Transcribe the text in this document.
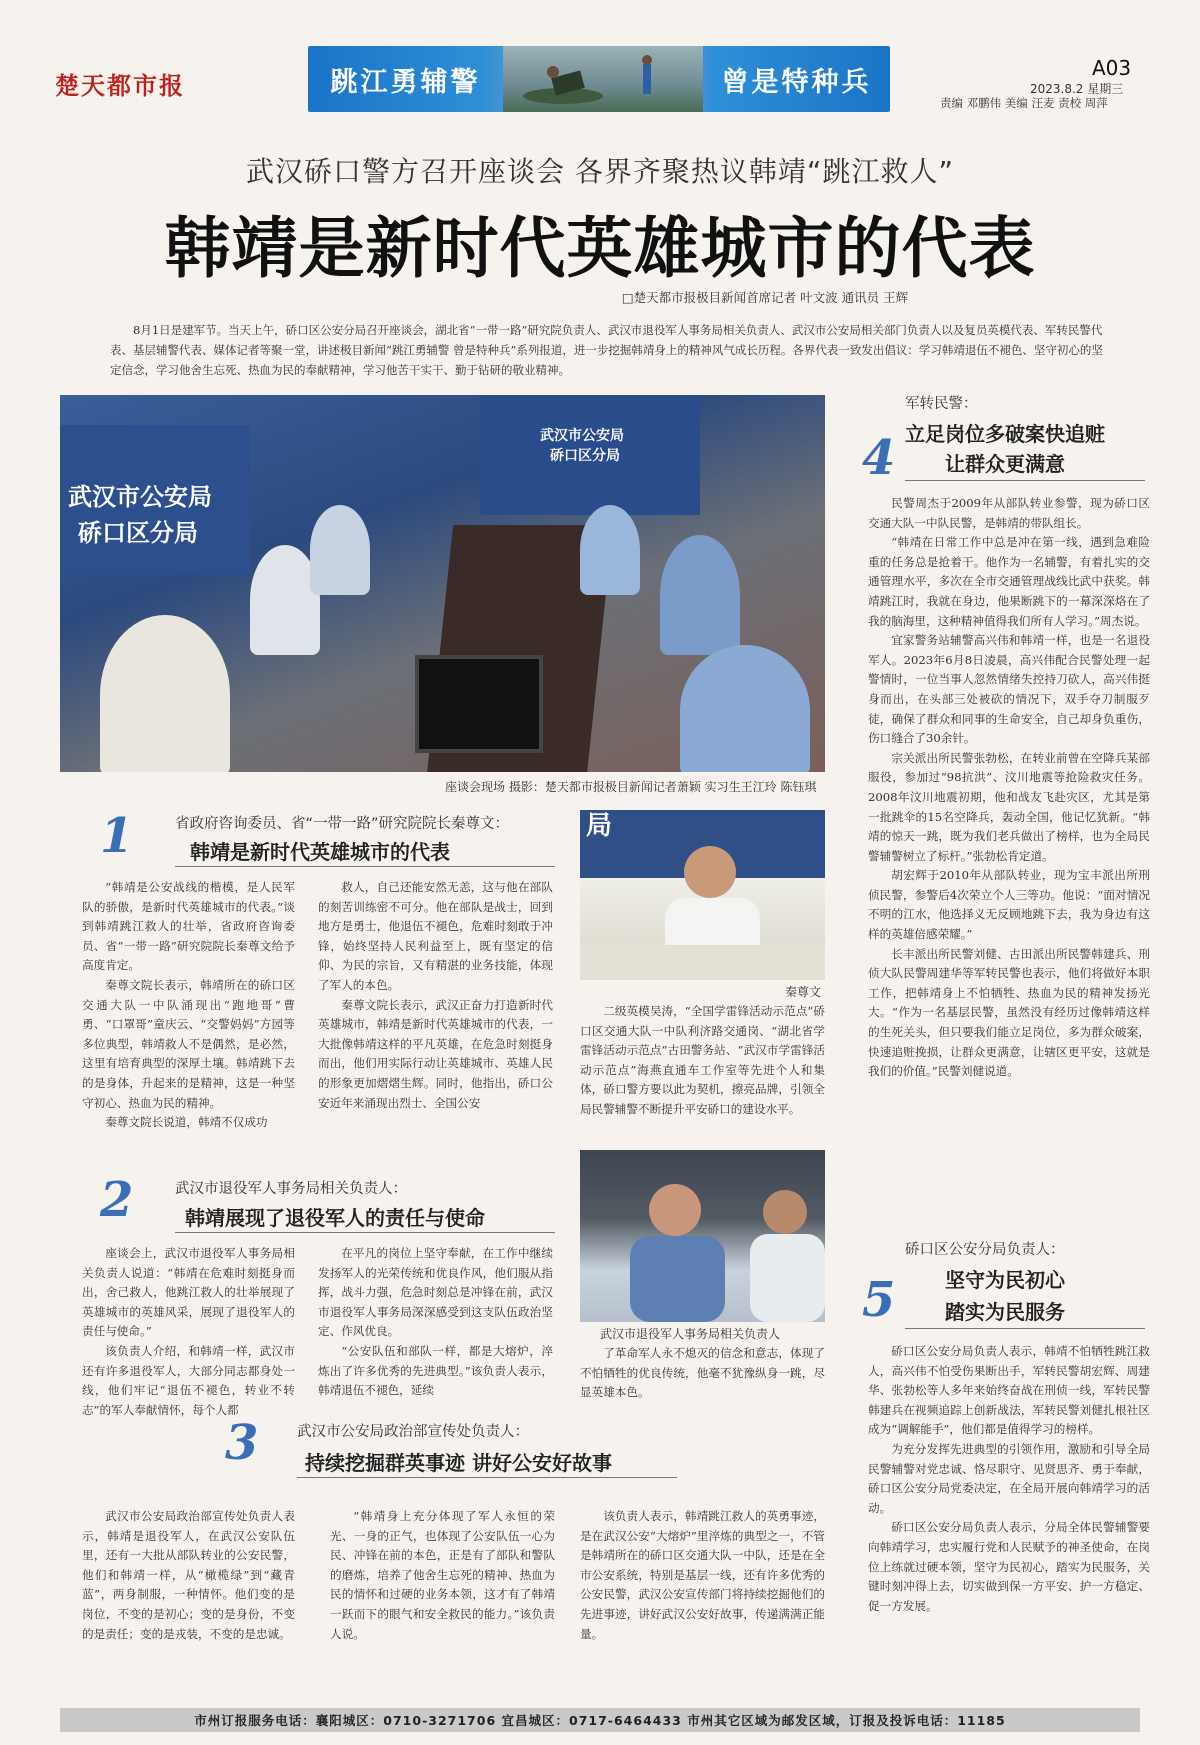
楚天都市报	跳江勇辅警	曾是特种兵	A03
2023.8.2 星期三
责编 邓鹏伟 美编 汪麦 责校 周萍
武汉硚口警方召开座谈会 各界齐聚热议韩靖“跳江救人”
韩靖是新时代英雄城市的代表
□楚天都市报极目新闻首席记者 叶文波 通讯员 王辉
8月1日是建军节。当天上午，硚口区公安分局召开座谈会，湖北省“一带一路”研究院负责人、武汉市退役军人事务局相关负责人、武汉市公安局相关部门负责人以及复员英模代表、军转民警代表、基层辅警代表、媒体记者等聚一堂，讲述极目新闻“跳江勇辅警 曾是特种兵”系列报道，进一步挖掘韩靖身上的精神风气成长历程。各界代表一致发出倡议：学习韩靖退伍不褪色、坚守初心的坚定信念，学习他舍生忘死、热血为民的奉献精神，学习他苦干实干、勤于钻研的敬业精神。
武汉市公安局
硚口区分局
武汉市公安局
硚口区分局
座谈会现场 摄影：楚天都市报极目新闻记者萧颖 实习生王江玲 陈钰琪
1	省政府咨询委员、省“一带一路”研究院院长秦尊文：
韩靖是新时代英雄城市的代表

“韩靖是公安战线的楷模，是人民军队的骄傲，是新时代英雄城市的代表。”谈到韩靖跳江救人的壮举，省政府咨询委员、省“一带一路”研究院院长秦尊文给予高度肯定。

秦尊文院长表示，韩靖所在的硚口区交通大队一中队涌现出“跑地哥”曹勇、“口罩哥”童庆云、“交警妈妈”方园等多位典型，韩靖救人不是偶然，是必然，这里有培育典型的深厚土壤。韩靖跳下去的是身体，升起来的是精神，这是一种坚守初心、热血为民的精神。

秦尊文院长说道，韩靖不仅成功

救人，自己还能安然无恙，这与他在部队的刻苦训练密不可分。他在部队是战士，回到地方是勇士，他退伍不褪色，危难时刻敢于冲锋，始终坚持人民利益至上，既有坚定的信仰、为民的宗旨，又有精湛的业务技能，体现了军人的本色。

秦尊文院长表示，武汉正奋力打造新时代英雄城市，韩靖是新时代英雄城市的代表，一大批像韩靖这样的平凡英雄，在危急时刻挺身而出，他们用实际行动让英雄城市、英雄人民的形象更加熠熠生辉。同时，他指出，硚口公安近年来涌现出烈士、全国公安

局
秦尊文

二级英模吴涛，“全国学雷锋活动示范点”硚口区交通大队一中队利济路交通岗、“湖北省学雷锋活动示范点”古田警务站、“武汉市学雷锋活动示范点”海燕直通车工作室等先进个人和集体，硚口警方要以此为契机，擦亮品牌，引领全局民警辅警不断提升平安硚口的建设水平。

2	武汉市退役军人事务局相关负责人：
韩靖展现了退役军人的责任与使命

座谈会上，武汉市退役军人事务局相关负责人说道：“韩靖在危难时刻挺身而出，舍己救人，他跳江救人的壮举展现了英雄城市的英雄风采，展现了退役军人的责任与使命。”

该负责人介绍，和韩靖一样，武汉市还有许多退役军人，大部分同志都身处一线，他们牢记“退伍不褪色，转业不转志”的军人奉献情怀，每个人都

在平凡的岗位上坚守奉献，在工作中继续发扬军人的光荣传统和优良作风，他们服从指挥，战斗力强，危急时刻总是冲锋在前，武汉市退役军人事务局深深感受到这支队伍政治坚定、作风优良。

“公安队伍和部队一样，都是大熔炉，淬炼出了许多优秀的先进典型。”该负责人表示，韩靖退伍不褪色，延续

武汉市退役军人事务局相关负责人

了革命军人永不熄灭的信念和意志，体现了不怕牺牲的优良传统，他毫不犹豫纵身一跳，尽显英雄本色。

3	武汉市公安局政治部宣传处负责人：
持续挖掘群英事迹 讲好公安好故事

武汉市公安局政治部宣传处负责人表示，韩靖是退役军人，在武汉公安队伍里，还有一大批从部队转业的公安民警，他们和韩靖一样，从“橄榄绿”到“藏青蓝”，两身制服，一种情怀。他们变的是岗位，不变的是初心；变的是身份，不变的是责任；变的是戎装，不变的是忠诚。

“韩靖身上充分体现了军人永恒的荣光、一身的正气，也体现了公安队伍一心为民、冲锋在前的本色，正是有了部队和警队的磨炼，培养了他舍生忘死的精神、热血为民的情怀和过硬的业务本领，这才有了韩靖一跃而下的眼气和安全救民的能力。”该负责人说。

该负责人表示，韩靖跳江救人的英勇事迹，是在武汉公安“大熔炉”里淬炼的典型之一，不管是韩靖所在的硚口区交通大队一中队，还是在全市公安系统，特别是基层一线，还有许多优秀的公安民警，武汉公安宣传部门将持续挖掘他们的先进事迹，讲好武汉公安好故事，传递满满正能量。

4
军转民警：
立足岗位多破案快追赃
让群众更满意

民警周杰于2009年从部队转业参警，现为硚口区交通大队一中队民警，是韩靖的带队组长。

“韩靖在日常工作中总是冲在第一线，遇到急难险重的任务总是抢着干。他作为一名辅警，有着扎实的交通管理水平，多次在全市交通管理战线比武中获奖。韩靖跳江时，我就在身边，他果断跳下的一幕深深烙在了我的脑海里，这种精神值得我们所有人学习。”周杰说。

宜家警务站辅警高兴伟和韩靖一样，也是一名退役军人。2023年6月8日凌晨，高兴伟配合民警处理一起警情时，一位当事人忽然情绪失控持刀砍人，高兴伟挺身而出，在头部三处被砍的情况下，双手夺刀制服歹徒，确保了群众和同事的生命安全，自己却身负重伤，伤口缝合了30余针。

宗关派出所民警张勃松，在转业前曾在空降兵某部服役，参加过“98抗洪”、汶川地震等抢险救灾任务。2008年汶川地震初期，他和战友飞赴灾区，尤其是第一批跳伞的15名空降兵，轰动全国，他记忆犹新。“韩靖的惊天一跳，既为我们老兵做出了榜样，也为全局民警辅警树立了标杆。”张勃松肯定道。

胡宏辉于2010年从部队转业，现为宝丰派出所刑侦民警，参警后4次荣立个人三等功。他说：“面对情况不明的江水，他选择义无反顾地跳下去，我为身边有这样的英雄倍感荣耀。”

长丰派出所民警刘健、古田派出所民警韩建兵、刑侦大队民警周建华等军转民警也表示，他们将做好本职工作，把韩靖身上不怕牺牲、热血为民的精神发扬光大。“作为一名基层民警，虽然没有经历过像韩靖这样的生死关头，但只要我们能立足岗位，多为群众破案，快速追赃挽损，让群众更满意，让辖区更平安，这就是我们的价值。”民警刘健说道。

5
硚口区公安分局负责人：
坚守为民初心
踏实为民服务

硚口区公安分局负责人表示，韩靖不怕牺牲跳江救人，高兴伟不怕受伤果断出手，军转民警胡宏辉、周建华、张勃松等人多年来始终奋战在刑侦一线，军转民警韩建兵在视频追踪上创新战法，军转民警刘健扎根社区成为“调解能手”，他们都是值得学习的榜样。

为充分发挥先进典型的引领作用，激励和引导全局民警辅警对党忠诚、恪尽职守、见贤思齐、勇于奉献，硚口区公安分局党委决定，在全局开展向韩靖学习的活动。

硚口区公安分局负责人表示，分局全体民警辅警要向韩靖学习，忠实履行党和人民赋予的神圣使命，在岗位上练就过硬本领，坚守为民初心，踏实为民服务，关键时刻冲得上去，切实做到保一方平安、护一方稳定、促一方发展。

市州订报服务电话：襄阳城区：0710-3271706 宜昌城区：0717-6464433 市州其它区域为邮发区域，订报及投诉电话：11185
